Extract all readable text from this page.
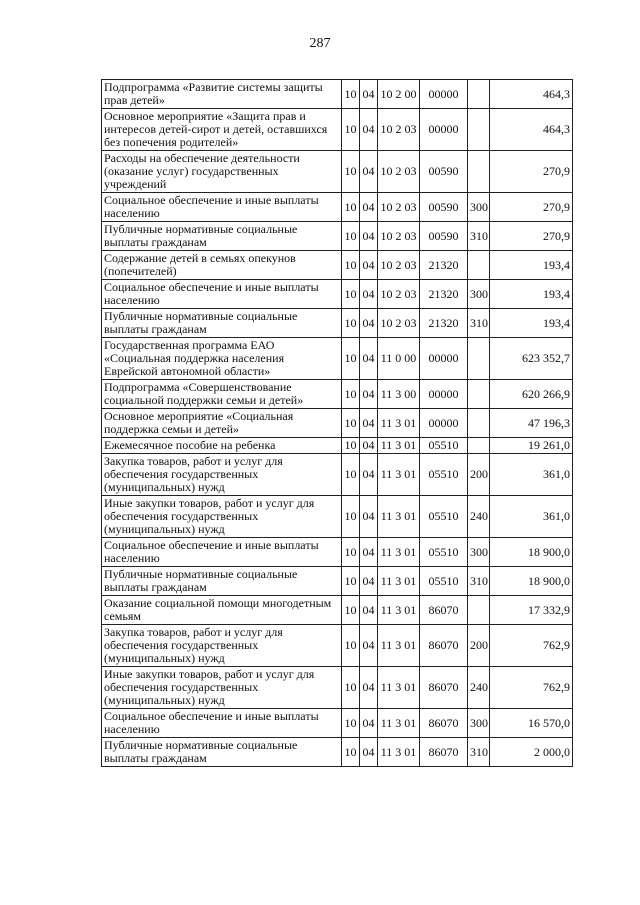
287
Подпрограмма «Развитие системы защиты прав детей»	10	04	10 2 00	00000		464,3
Основное мероприятие «Защита прав и интересов детей-сирот и детей, оставшихся без попечения родителей»	10	04	10 2 03	00000		464,3
Расходы на обеспечение деятельности (оказание услуг) государственных учреждений	10	04	10 2 03	00590		270,9
Социальное обеспечение и иные выплаты населению	10	04	10 2 03	00590	300	270,9
Публичные нормативные социальные выплаты гражданам	10	04	10 2 03	00590	310	270,9
Содержание детей в семьях опекунов (попечителей)	10	04	10 2 03	21320		193,4
Социальное обеспечение и иные выплаты населению	10	04	10 2 03	21320	300	193,4
Публичные нормативные социальные выплаты гражданам	10	04	10 2 03	21320	310	193,4
Государственная программа ЕАО «Социальная поддержка населения Еврейской автономной области»	10	04	11 0 00	00000		623 352,7
Подпрограмма «Совершенствование социальной поддержки семьи и детей»	10	04	11 3 00	00000		620 266,9
Основное мероприятие «Социальная поддержка семьи и детей»	10	04	11 3 01	00000		47 196,3
Ежемесячное пособие на ребенка	10	04	11 3 01	05510		19 261,0
Закупка товаров, работ и услуг для обеспечения государственных (муниципальных) нужд	10	04	11 3 01	05510	200	361,0
Иные закупки товаров, работ и услуг для обеспечения государственных (муниципальных) нужд	10	04	11 3 01	05510	240	361,0
Социальное обеспечение и иные выплаты населению	10	04	11 3 01	05510	300	18 900,0
Публичные нормативные социальные выплаты гражданам	10	04	11 3 01	05510	310	18 900,0
Оказание социальной помощи многодетным семьям	10	04	11 3 01	86070		17 332,9
Закупка товаров, работ и услуг для обеспечения государственных (муниципальных) нужд	10	04	11 3 01	86070	200	762,9
Иные закупки товаров, работ и услуг для обеспечения государственных (муниципальных) нужд	10	04	11 3 01	86070	240	762,9
Социальное обеспечение и иные выплаты населению	10	04	11 3 01	86070	300	16 570,0
Публичные нормативные социальные выплаты гражданам	10	04	11 3 01	86070	310	2 000,0
